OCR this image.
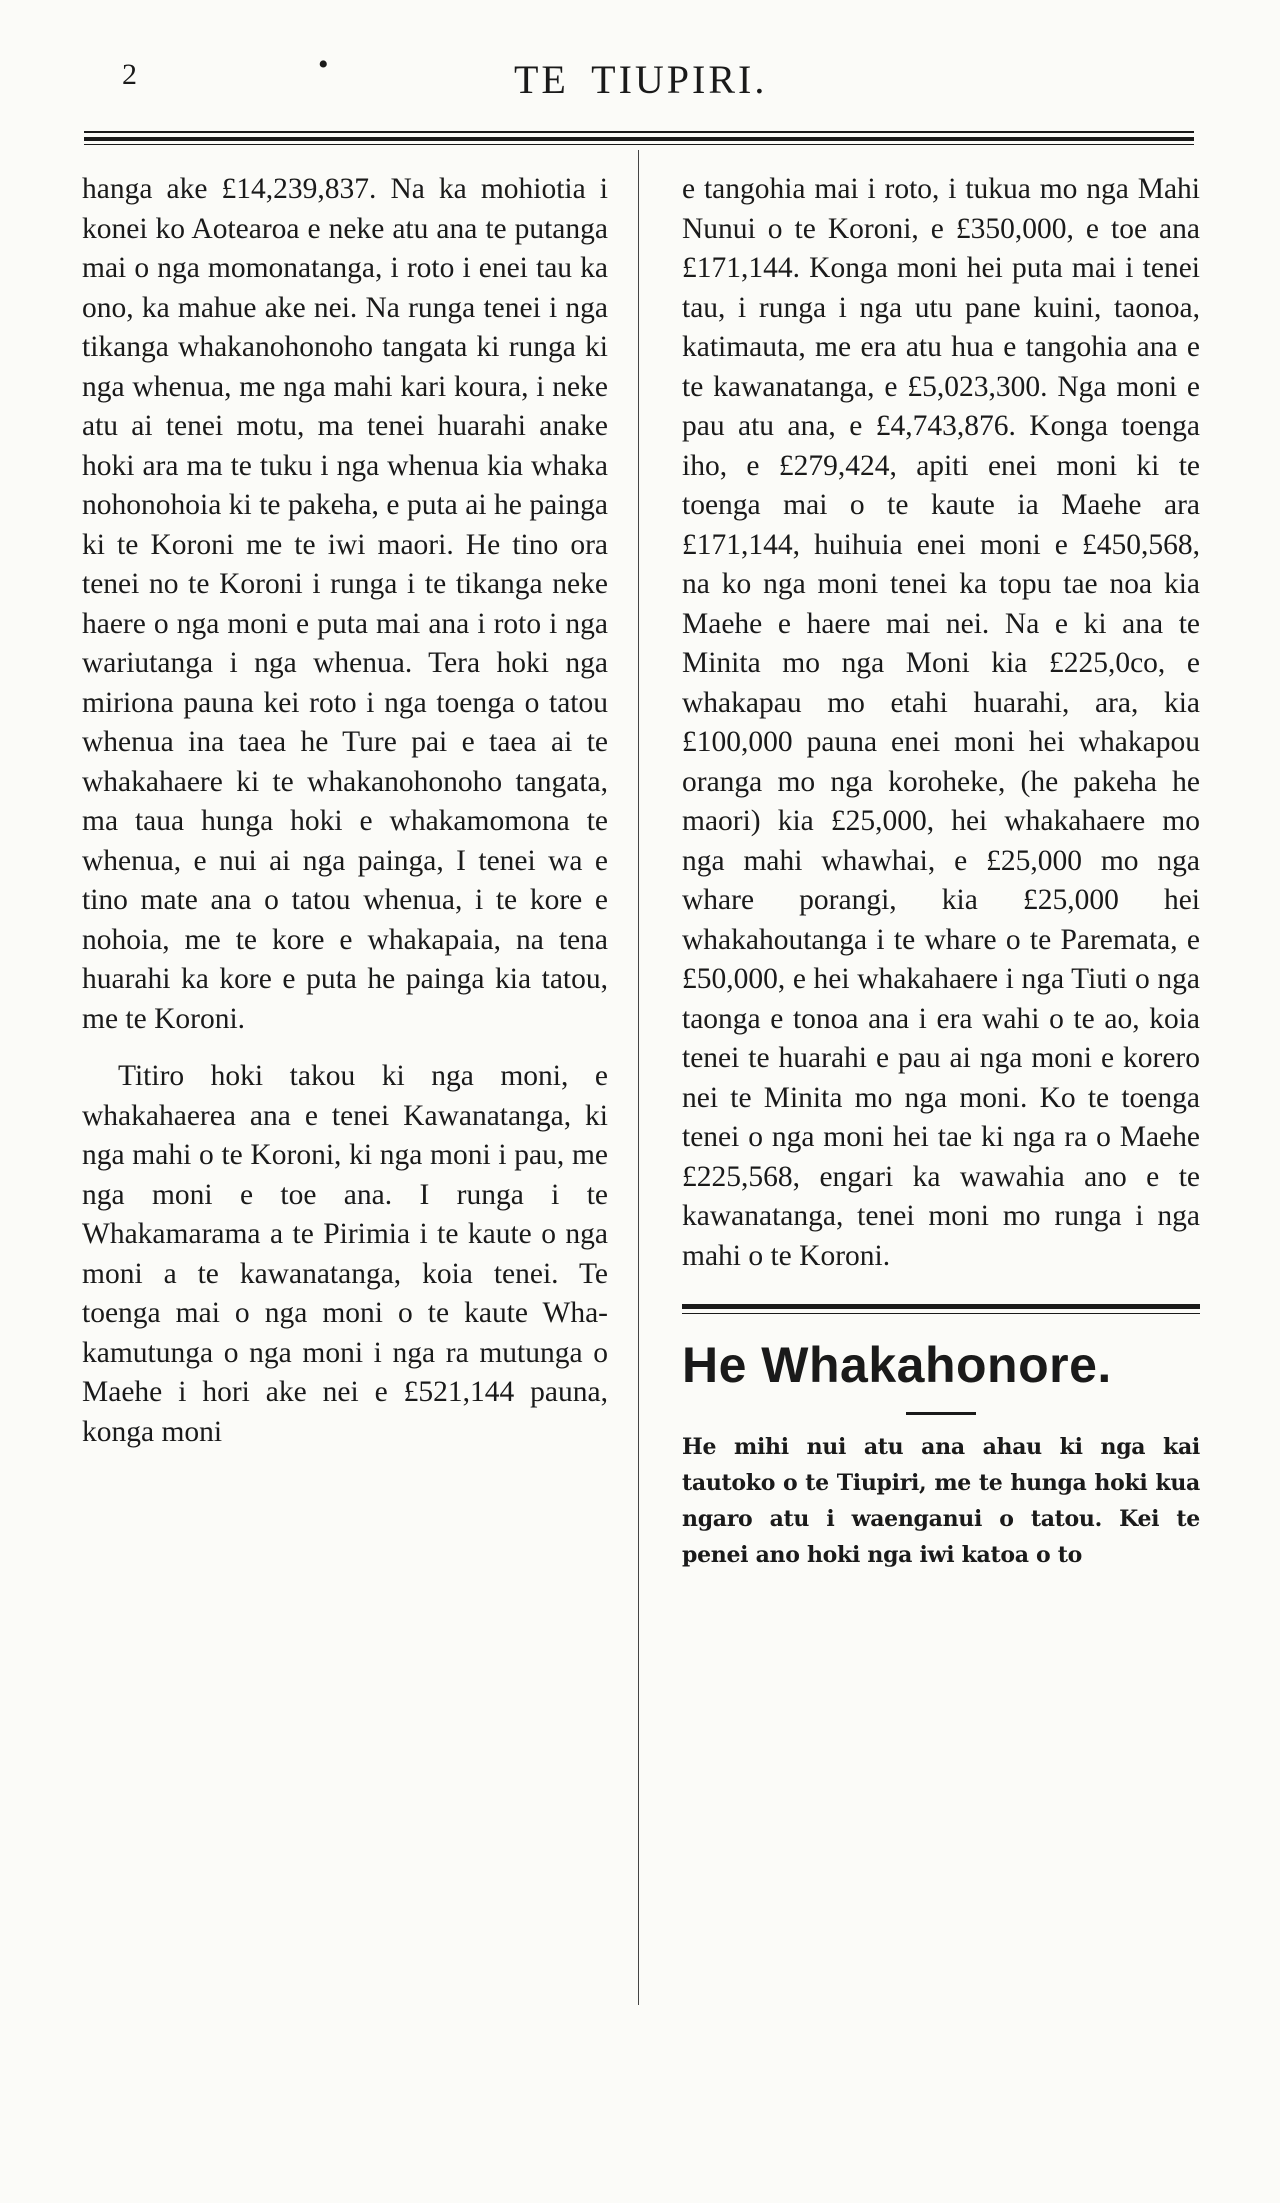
2	•	TE TIUPIRI.

hanga ake £14,239,837. Na ka mohiotia i konei ko Aotearoa e neke atu ana te putanga mai o nga momonatanga, i roto i enei tau ka ono, ka mahue ake nei. Na runga tenei i nga tikanga whakanohonoho tangata ki runga ki nga whenua, me nga mahi kari koura, i neke atu ai tenei motu, ma tenei huarahi anake hoki ara ma te tuku i nga whenua kia whaka nohonohoia ki te pakeha, e puta ai he painga ki te Koroni me te iwi maori. He tino ora tenei no te Koroni i runga i te tikanga neke haere o nga moni e puta mai ana i roto i nga wariutanga i nga whenua. Tera hoki nga miriona pauna kei roto i nga toenga o tatou whenua ina taea he Ture pai e taea ai te whakahaere ki te whakanohonoho tangata, ma taua hunga hoki e whakamomona te whenua, e nui ai nga painga, I tenei wa e tino mate ana o tatou whenua, i te kore e nohoia, me te kore e whakapaia, na tena huarahi ka kore e puta he painga kia tatou, me te Koroni.

Titiro hoki takou ki nga moni, e whakahaerea ana e tenei Kawanatanga, ki nga mahi o te Koroni, ki nga moni i pau, me nga moni e toe ana. I runga i te Whakamarama a te Pirimia i te kaute o nga moni a te kawanatanga, koia tenei. Te toenga mai o nga moni o te kaute Whakamutunga o nga moni i nga ra mutunga o Maehe i hori ake nei e £521,144 pauna, konga moni

e tangohia mai i roto, i tukua mo nga Mahi Nunui o te Koroni, e £350,000, e toe ana £171,144. Konga moni hei puta mai i tenei tau, i runga i nga utu pane kuini, taonoa, katimauta, me era atu hua e tangohia ana e te kawanatanga, e £5,023,300. Nga moni e pau atu ana, e £4,743,876. Konga toenga iho, e £279,424, apiti enei moni ki te toenga mai o te kaute ia Maehe ara £171,144, huihuia enei moni e £450,568, na ko nga moni tenei ka topu tae noa kia Maehe e haere mai nei. Na e ki ana te Minita mo nga Moni kia £225,0co, e whakapau mo etahi huarahi, ara, kia £100,000 pauna enei moni hei whakapou oranga mo nga koroheke, (he pakeha he maori) kia £25,000, hei whakahaere mo nga mahi whawhai, e £25,000 mo nga whare porangi, kia £25,000 hei whakahoutanga i te whare o te Paremata, e £50,000, e hei whakahaere i nga Tiuti o nga taonga e tonoa ana i era wahi o te ao, koia tenei te huarahi e pau ai nga moni e korero nei te Minita mo nga moni. Ko te toenga tenei o nga moni hei tae ki nga ra o Maehe £225,568, engari ka wawahia ano e te kawanatanga, tenei moni mo runga i nga mahi o te Koroni.

He Whakahonore.

He mihi nui atu ana ahau ki nga kai tautoko o te Tiupiri, me te hunga hoki kua ngaro atu i waenganui o tatou. Kei te penei ano hoki nga iwi katoa o to
